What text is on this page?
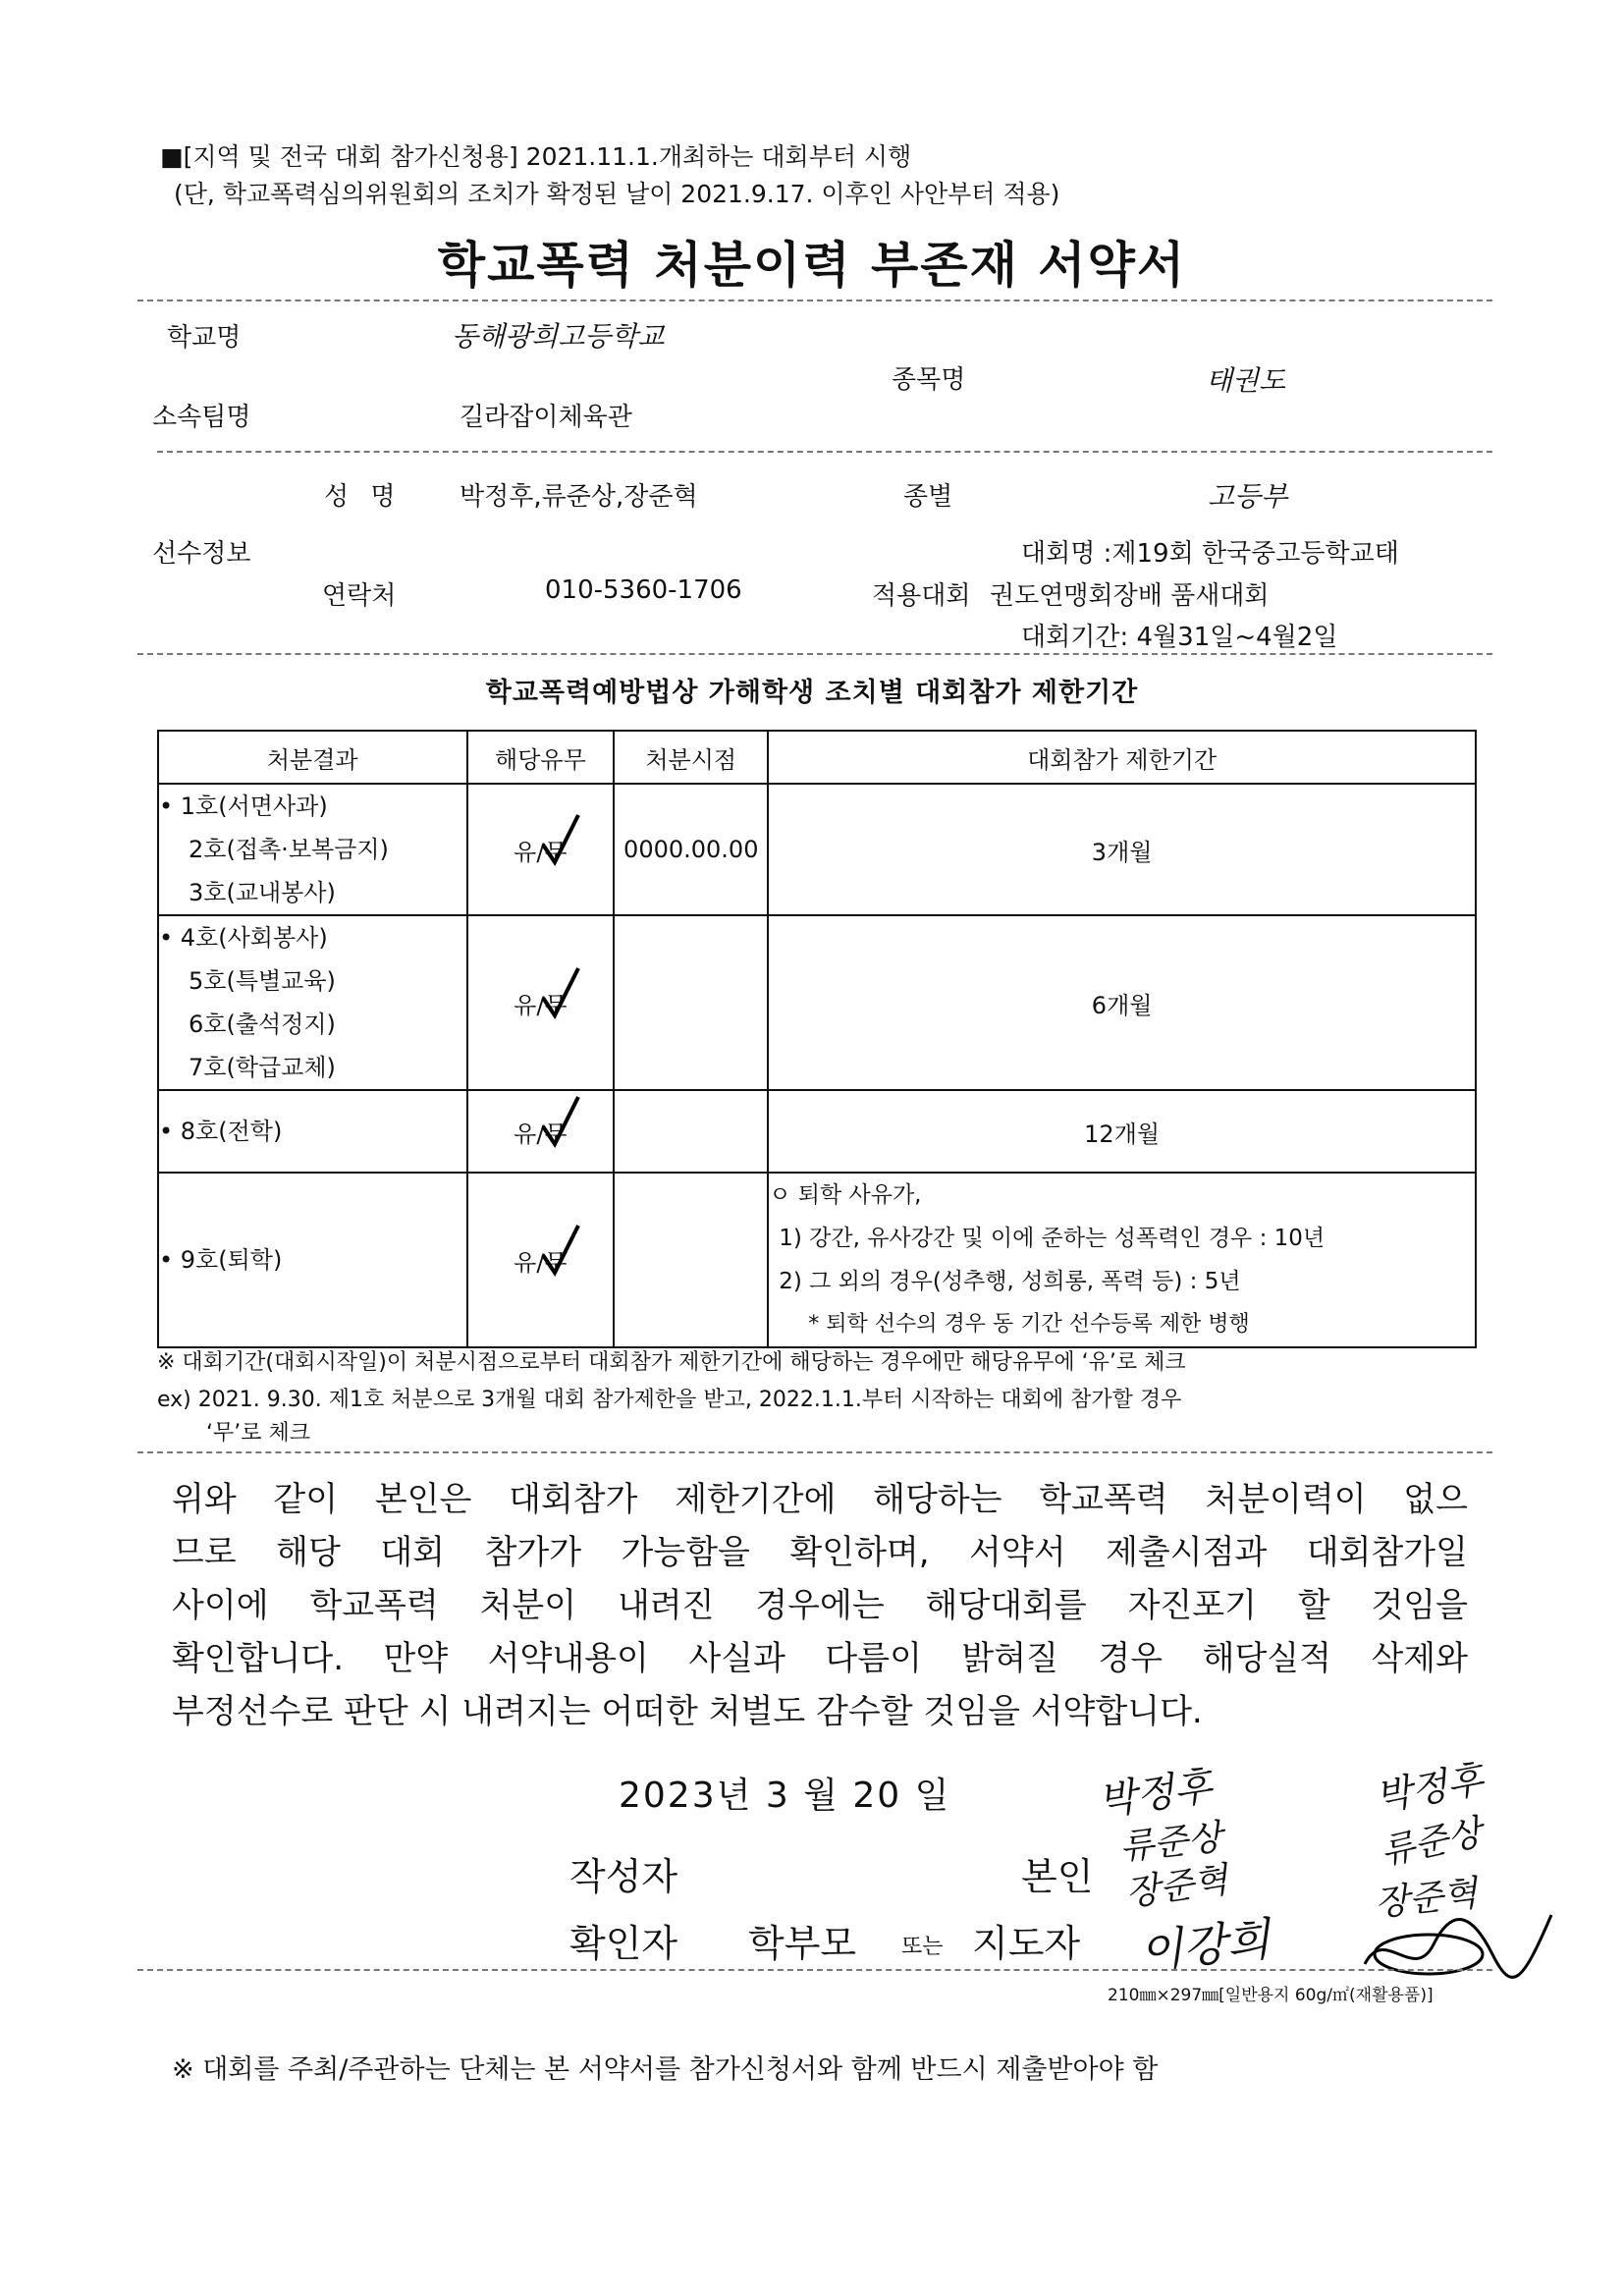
■[지역 및 전국 대회 참가신청용] 2021.11.1.개최하는 대회부터 시행
(단, 학교폭력심의위원회의 조치가 확정된 날이 2021.9.17. 이후인 사안부터 적용)
학교폭력 처분이력 부존재 서약서
학교명	동해광희고등학교
종목명	태권도
소속팀명	길라잡이체육관
성 명	박정후,류준상,장준혁	종별	고등부
선수정보	대회명 :제19회 한국중고등학교태
연락처	010-5360-1706	적용대회 권도연맹회장배 품새대회
대회기간: 4월31일~4월2일
학교폭력예방법상 가해학생 조치별 대회참가 제한기간
처분결과	해당유무	처분시점	대회참가 제한기간

• 1호(서면사과)
2호(접촉·보복금지)
3호(교내봉사)	유/무	0000.00.00	3개월

• 4호(사회봉사)
5호(특별교육)
6호(출석정지)
7호(학급교체)	유/무		6개월

• 8호(전학)	유/무		12개월

• 9호(퇴학)	유/무		ㅇ 퇴학 사유가,
1) 강간, 유사강간 및 이에 준하는 성폭력인 경우 : 10년
2) 그 외의 경우(성추행, 성희롱, 폭력 등) : 5년
* 퇴학 선수의 경우 동 기간 선수등록 제한 병행
※ 대회기간(대회시작일)이 처분시점으로부터 대회참가 제한기간에 해당하는 경우에만 해당유무에 ‘유’로 체크
ex) 2021. 9.30. 제1호 처분으로 3개월 대회 참가제한을 받고, 2022.1.1.부터 시작하는 대회에 참가할 경우
‘무’로 체크
위와 같이 본인은 대회참가 제한기간에 해당하는 학교폭력 처분이력이 없으
므로 해당 대회 참가가 가능함을 확인하며, 서약서 제출시점과 대회참가일
사이에 학교폭력 처분이 내려진 경우에는 해당대회를 자진포기 할 것임을
확인합니다. 만약 서약내용이 사실과 다름이 밝혀질 경우 해당실적 삭제와
부정선수로 판단 시 내려지는 어떠한 처벌도 감수할 것임을 서약합니다.
2023년 3 월 20 일
작성자	본인
확인자 학부모 또는 지도자
박정후
류준상
장준혁
박정후
류준상
장준혁
이강희
210㎜×297㎜[일반용지 60g/㎡(재활용품)]
※ 대회를 주최/주관하는 단체는 본 서약서를 참가신청서와 함께 반드시 제출받아야 함
